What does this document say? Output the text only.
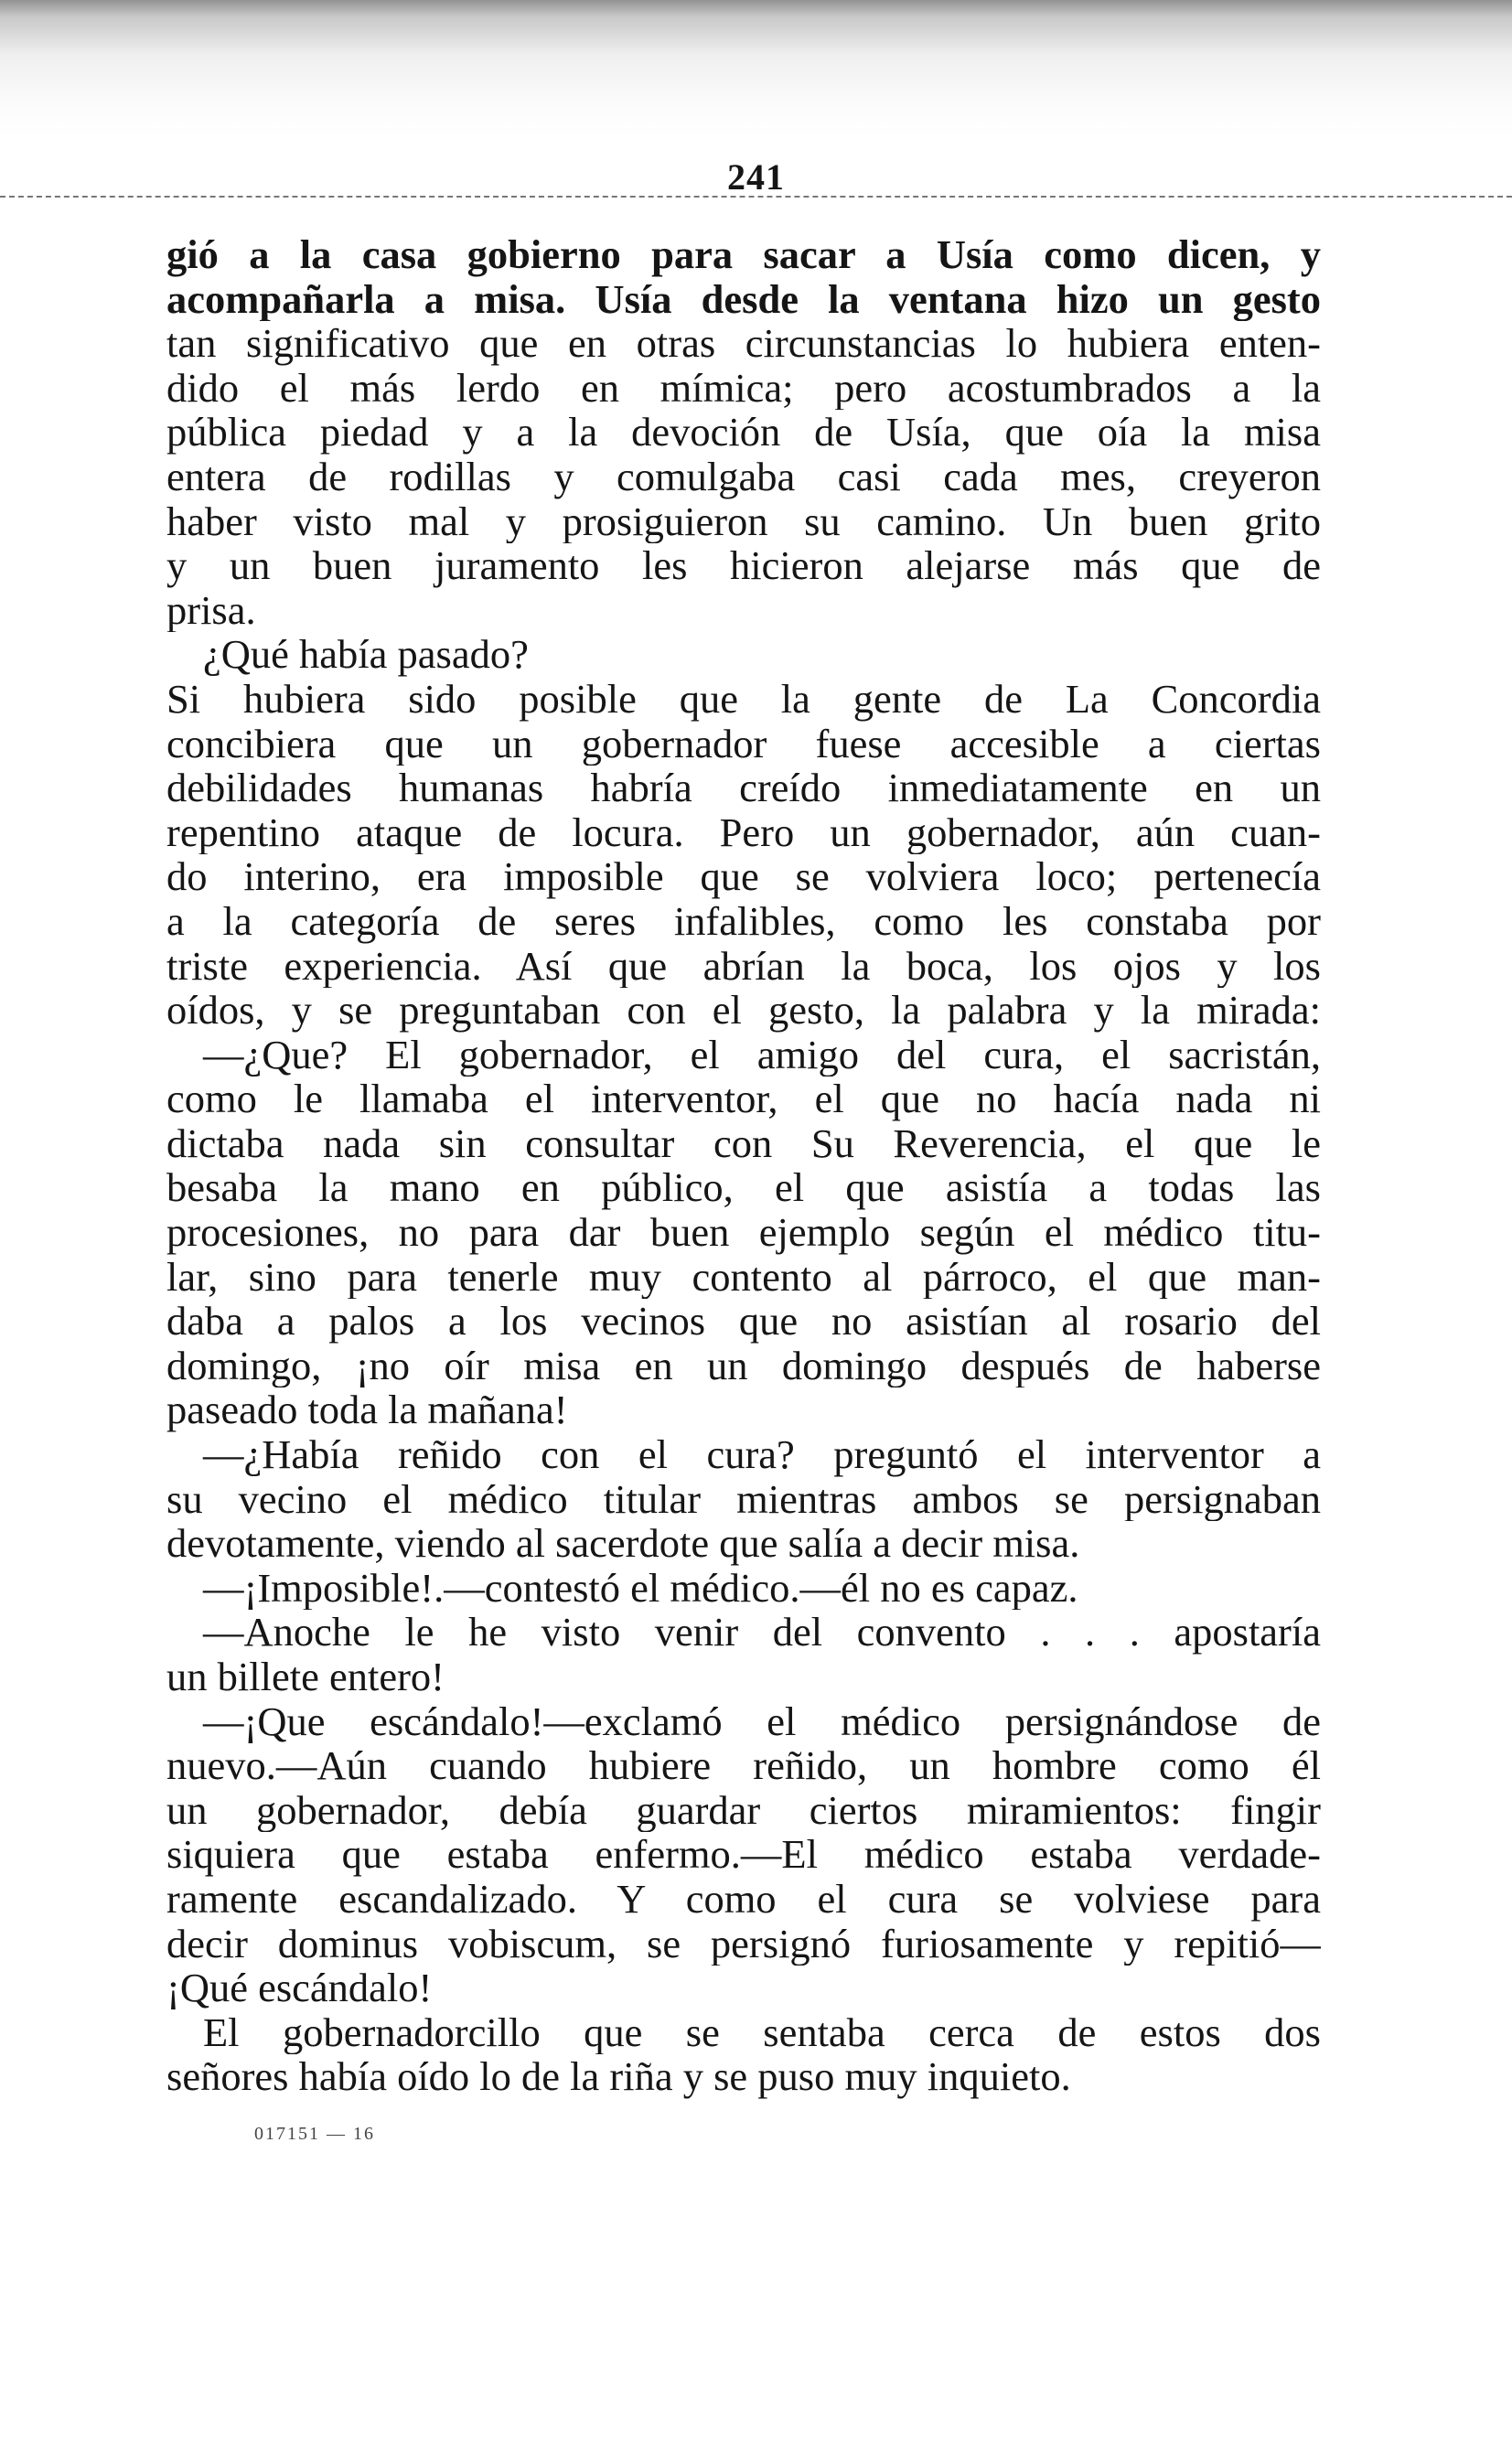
241
gió a la casa gobierno para sacar a Usía como dicen, y
acompañarla a misa. Usía desde la ventana hizo un gesto
tan significativo que en otras circunstancias lo hubiera enten-
dido el más lerdo en mímica; pero acostumbrados a la
pública piedad y a la devoción de Usía, que oía la misa
entera de rodillas y comulgaba casi cada mes, creyeron
haber visto mal y prosiguieron su camino. Un buen grito
y un buen juramento les hicieron alejarse más que de
prisa.
¿Qué había pasado?
Si hubiera sido posible que la gente de La Concordia
concibiera que un gobernador fuese accesible a ciertas
debilidades humanas habría creído inmediatamente en un
repentino ataque de locura. Pero un gobernador, aún cuan-
do interino, era imposible que se volviera loco; pertenecía
a la categoría de seres infalibles, como les constaba por
triste experiencia. Así que abrían la boca, los ojos y los
oídos, y se preguntaban con el gesto, la palabra y la mirada:
—¿Que? El gobernador, el amigo del cura, el sacristán,
como le llamaba el interventor, el que no hacía nada ni
dictaba nada sin consultar con Su Reverencia, el que le
besaba la mano en público, el que asistía a todas las
procesiones, no para dar buen ejemplo según el médico titu-
lar, sino para tenerle muy contento al párroco, el que man-
daba a palos a los vecinos que no asistían al rosario del
domingo, ¡no oír misa en un domingo después de haberse
paseado toda la mañana!
—¿Había reñido con el cura? preguntó el interventor a
su vecino el médico titular mientras ambos se persignaban
devotamente, viendo al sacerdote que salía a decir misa.
—¡Imposible!.—contestó el médico.—él no es capaz.
—Anoche le he visto venir del convento . . . apostaría
un billete entero!
—¡Que escándalo!—exclamó el médico persignándose de
nuevo.—Aún cuando hubiere reñido, un hombre como él
un gobernador, debía guardar ciertos miramientos: fingir
siquiera que estaba enfermo.—El médico estaba verdade-
ramente escandalizado. Y como el cura se volviese para
decir dominus vobiscum, se persignó furiosamente y repitió—
¡Qué escándalo!
El gobernadorcillo que se sentaba cerca de estos dos
señores había oído lo de la riña y se puso muy inquieto.
017151 — 16
